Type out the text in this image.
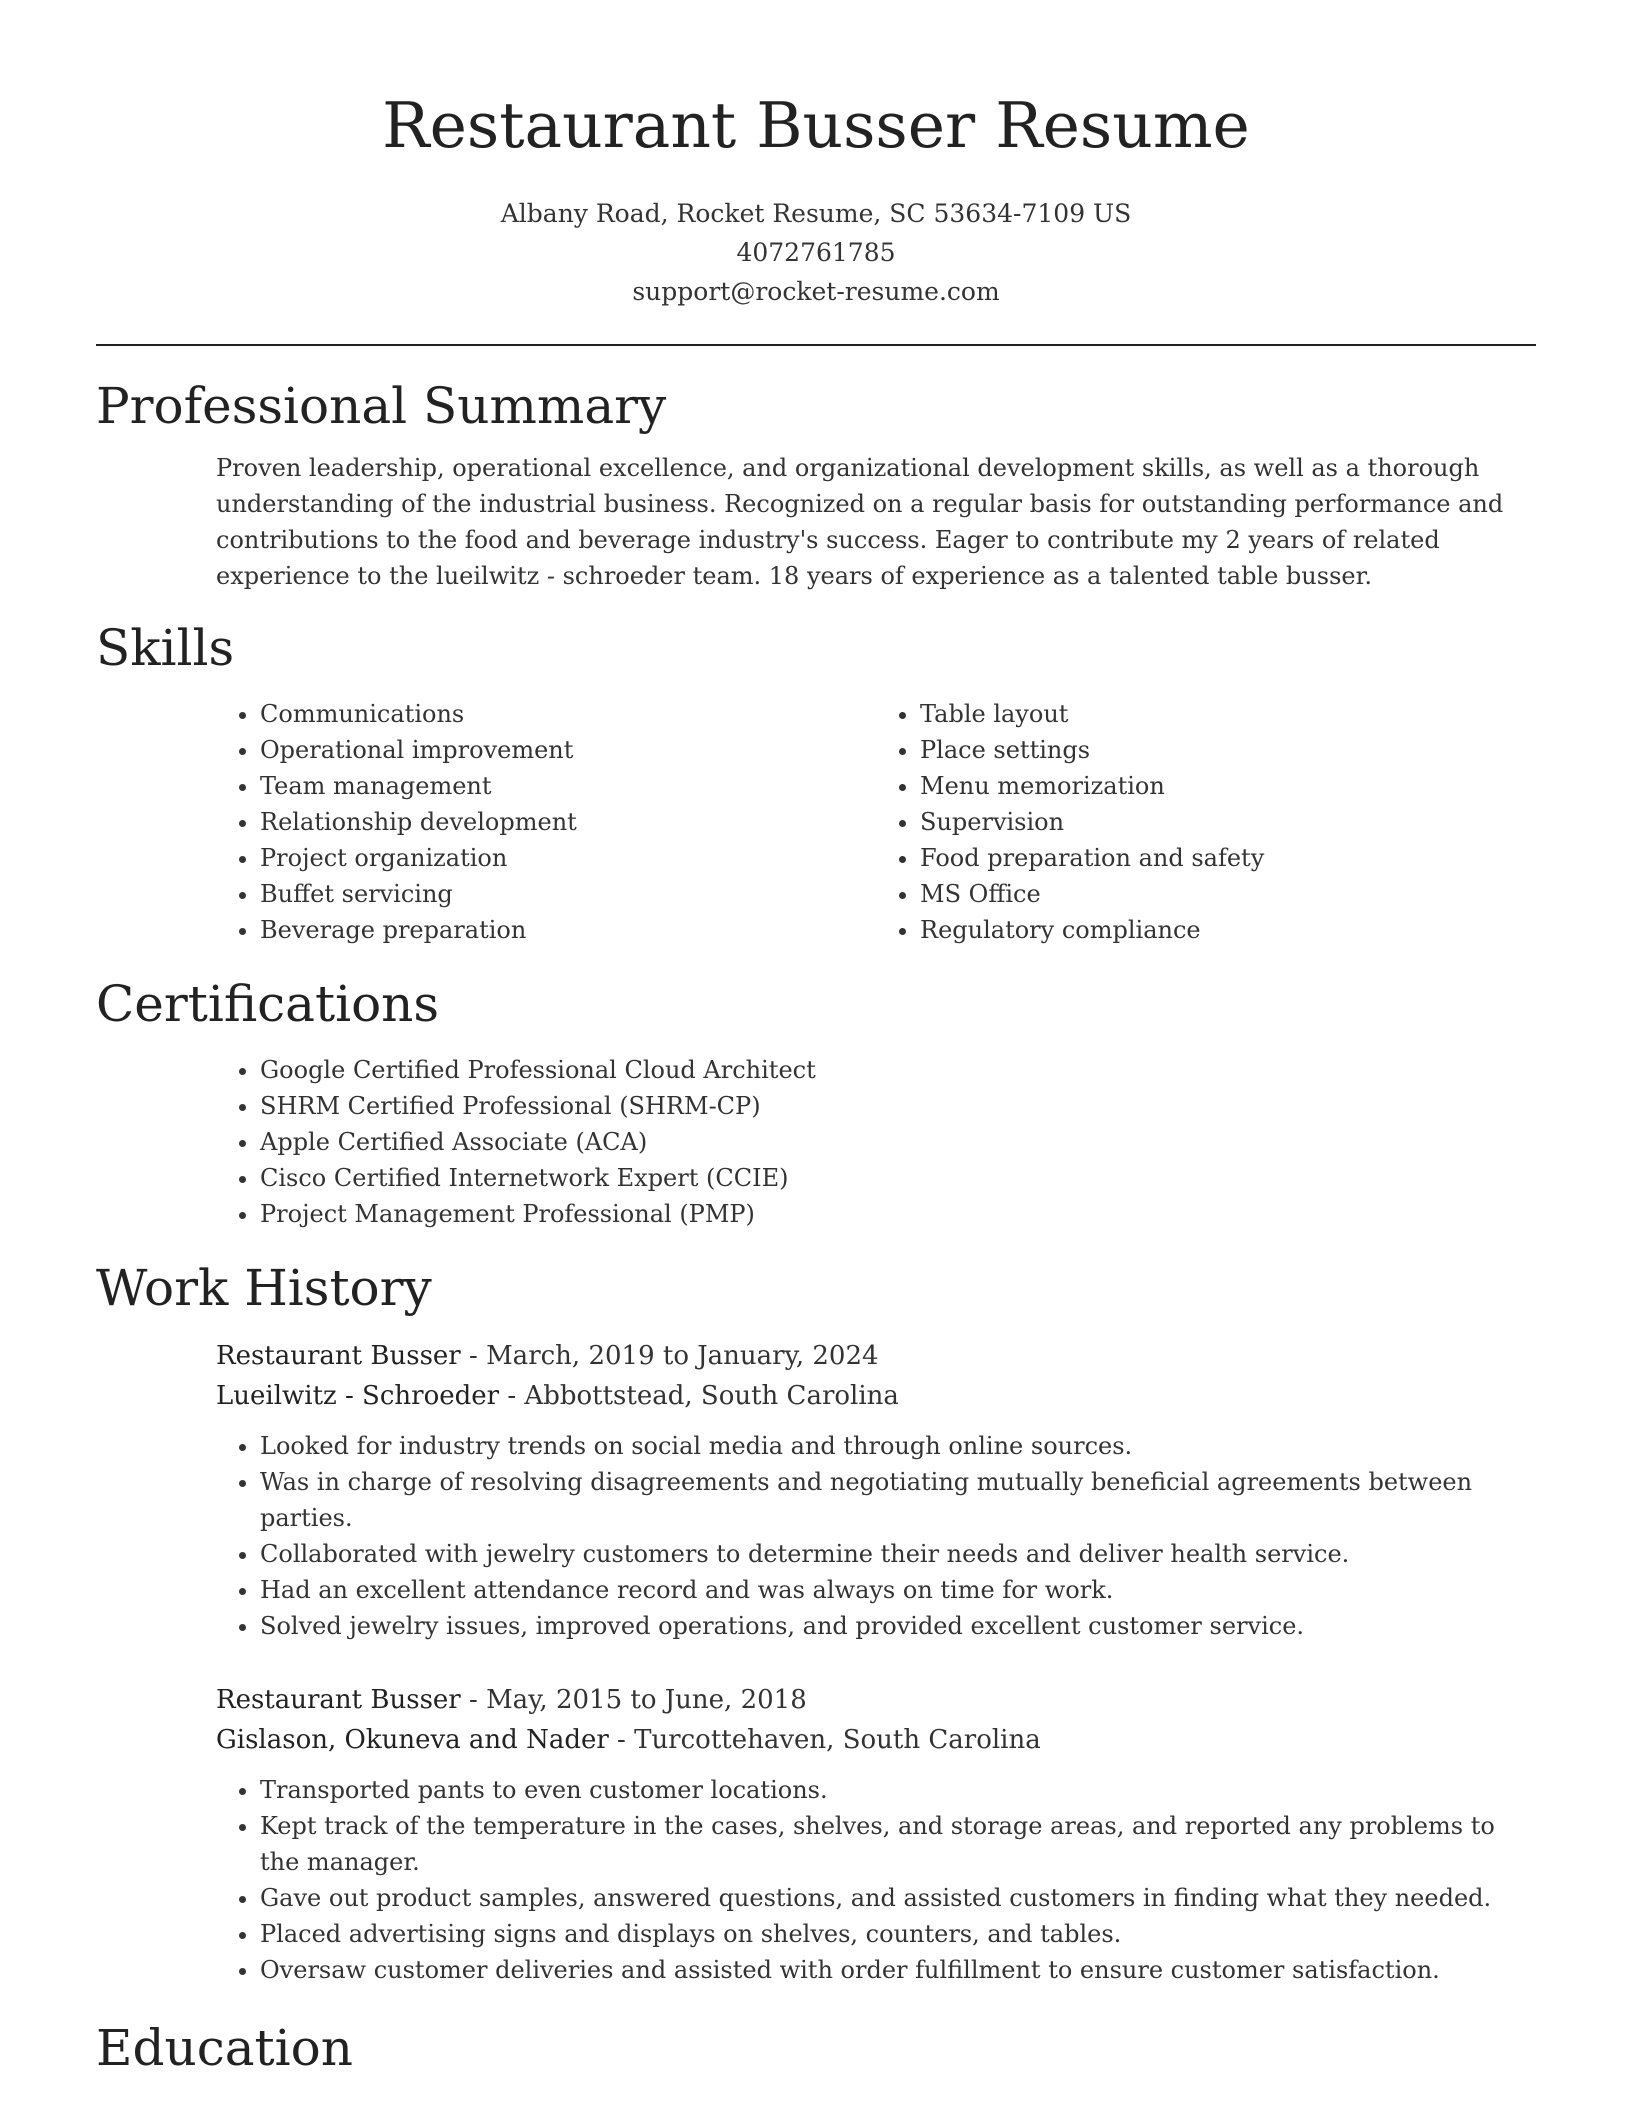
Restaurant Busser Resume
Albany Road, Rocket Resume, SC 53634-7109 US
4072761785
support@rocket-resume.com
Professional Summary

Proven leadership, operational excellence, and organizational development skills, as well as a thorough understanding of the industrial business. Recognized on a regular basis for outstanding performance and contributions to the food and beverage industry's success. Eager to contribute my 2 years of related experience to the lueilwitz - schroeder team. 18 years of experience as a talented table busser.

Skills
• Communications
• Operational improvement
• Team management
• Relationship development
• Project organization
• Buffet servicing
• Beverage preparation
• Table layout
• Place settings
• Menu memorization
• Supervision
• Food preparation and safety
• MS Office
• Regulatory compliance
Certifications
• Google Certified Professional Cloud Architect
• SHRM Certified Professional (SHRM-CP)
• Apple Certified Associate (ACA)
• Cisco Certified Internetwork Expert (CCIE)
• Project Management Professional (PMP)
Work History
Restaurant Busser - March, 2019 to January, 2024
Lueilwitz - Schroeder - Abbottstead, South Carolina
• Looked for industry trends on social media and through online sources.
• Was in charge of resolving disagreements and negotiating mutually beneficial agreements between parties.
• Collaborated with jewelry customers to determine their needs and deliver health service.
• Had an excellent attendance record and was always on time for work.
• Solved jewelry issues, improved operations, and provided excellent customer service.
Restaurant Busser - May, 2015 to June, 2018
Gislason, Okuneva and Nader - Turcottehaven, South Carolina
• Transported pants to even customer locations.
• Kept track of the temperature in the cases, shelves, and storage areas, and reported any problems to the manager.
• Gave out product samples, answered questions, and assisted customers in finding what they needed.
• Placed advertising signs and displays on shelves, counters, and tables.
• Oversaw customer deliveries and assisted with order fulfillment to ensure customer satisfaction.
Education
